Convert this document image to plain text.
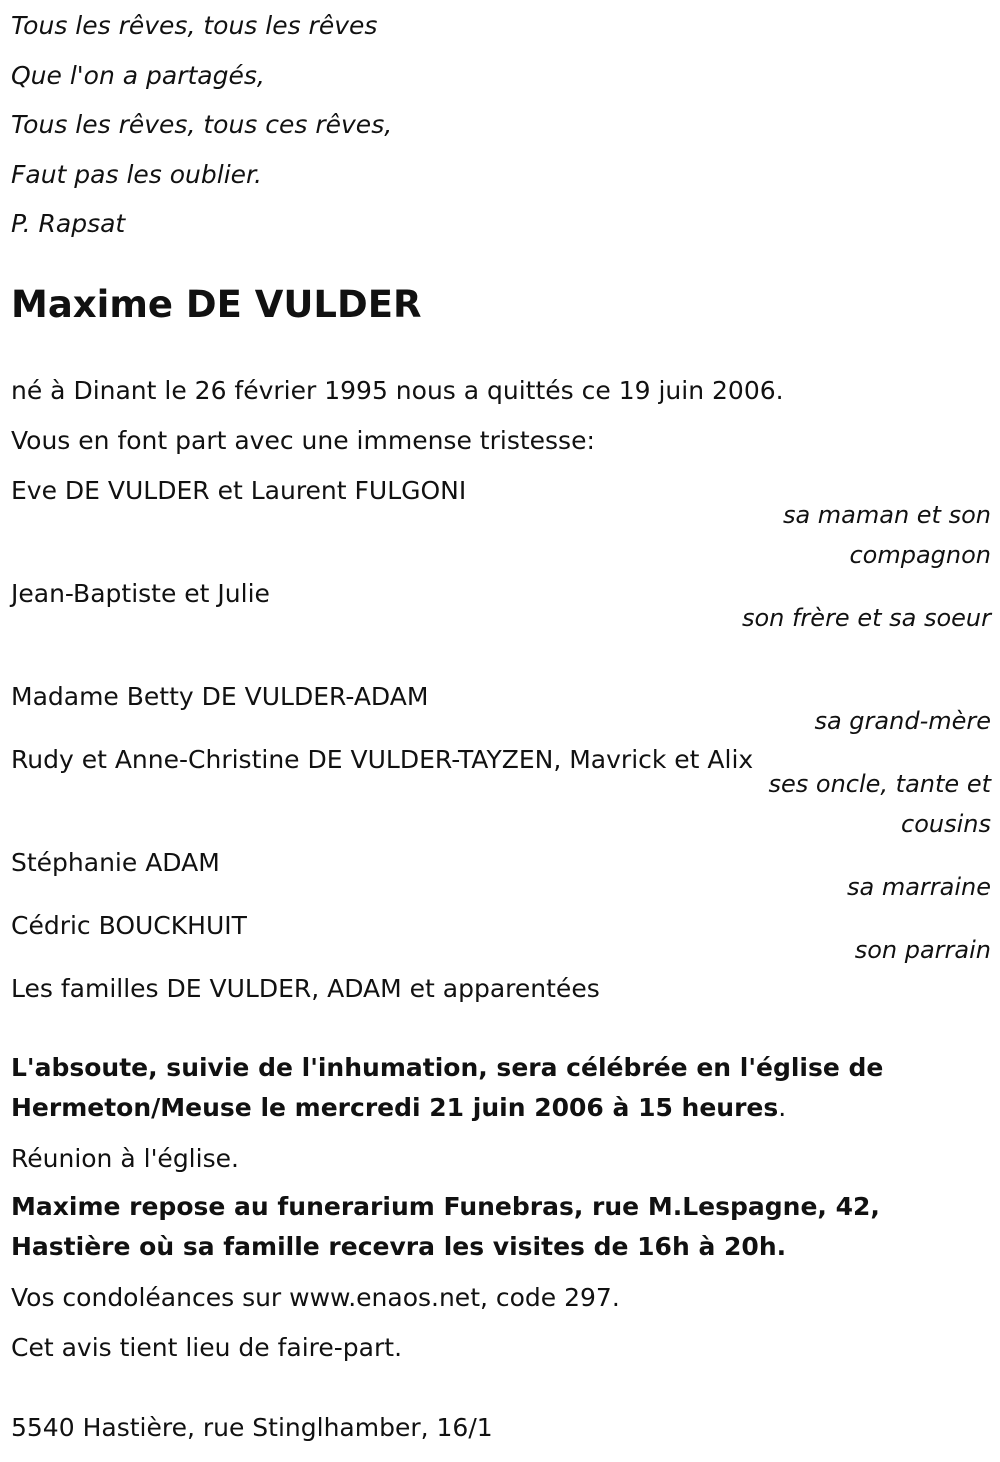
Tous les rêves, tous les rêves

Que l'on a partagés,

Tous les rêves, tous ces rêves,

Faut pas les oublier.

P. Rapsat

Maxime DE VULDER

né à Dinant le 26 février 1995 nous a quittés ce 19 juin 2006.

Vous en font part avec une immense tristesse:

Eve DE VULDER et Laurent FULGONI

sa maman et son compagnon

Jean-Baptiste et Julie

son frère et sa soeur

Madame Betty DE VULDER-ADAM

sa grand-mère

Rudy et Anne-Christine DE VULDER-TAYZEN, Mavrick et Alix

ses oncle, tante et cousins

Stéphanie ADAM

sa marraine

Cédric BOUCKHUIT

son parrain

Les familles DE VULDER, ADAM et apparentées

L'absoute, suivie de l'inhumation, sera célébrée en l'église de Hermeton/Meuse le mercredi 21 juin 2006 à 15 heures.

Réunion à l'église.

Maxime repose au funerarium Funebras, rue M.Lespagne, 42, Hastière où sa famille recevra les visites de 16h à 20h.

Vos condoléances sur www.enaos.net, code 297.

Cet avis tient lieu de faire-part.

5540 Hastière, rue Stinglhamber, 16/1
